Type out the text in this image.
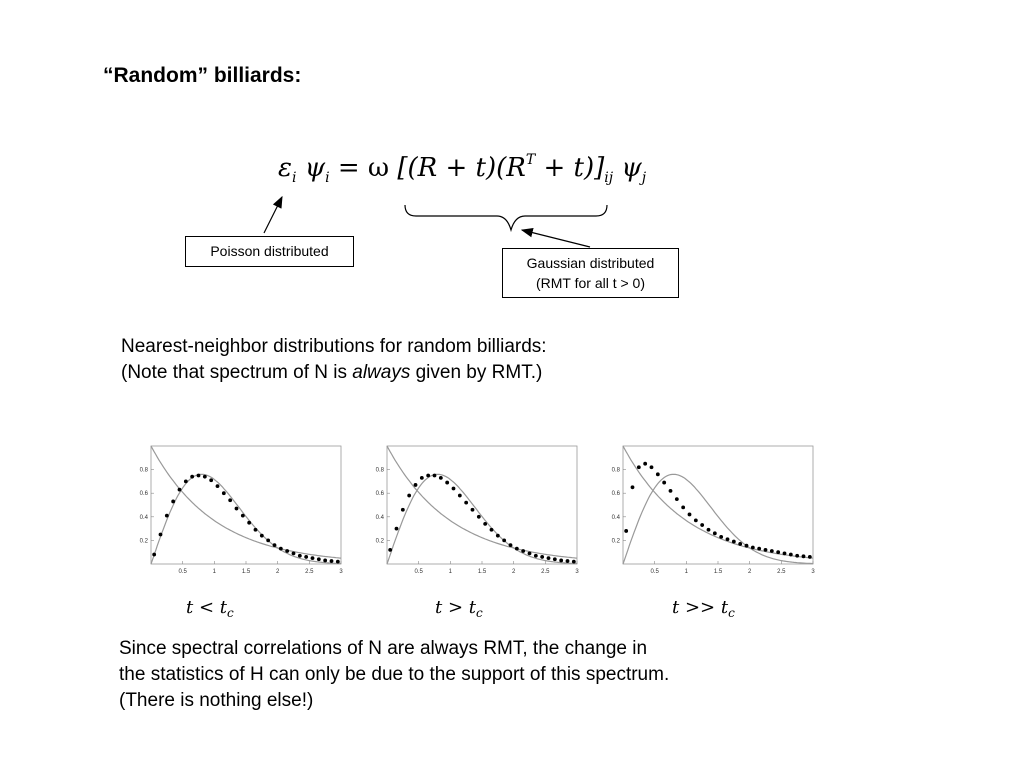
“Random” billiards:
$\varepsilon_i$ $\psi_i = \omega$ $[(R + t)(R^T + t)]_{ij}$ $\psi_j$
Poisson distributed
Gaussian distributed
(RMT for all t > 0)
Nearest-neighbor distributions for random billiards:
(Note that spectrum of N is always given by RMT.)
0.5	1	1.5	2	2.5	3
0.2
0.4
0.6
0.8
0.5	1	1.5	2	2.5	3
0.2
0.4
0.6
0.8
0.5	1	1.5	2	2.5	3
0.2
0.4
0.6
0.8
$t < t_c$	$t > t_c$	$t >> t_c$
Since spectral correlations of N are always RMT, the change in
the statistics of H can only be due to the support of this spectrum.
(There is nothing else!)
